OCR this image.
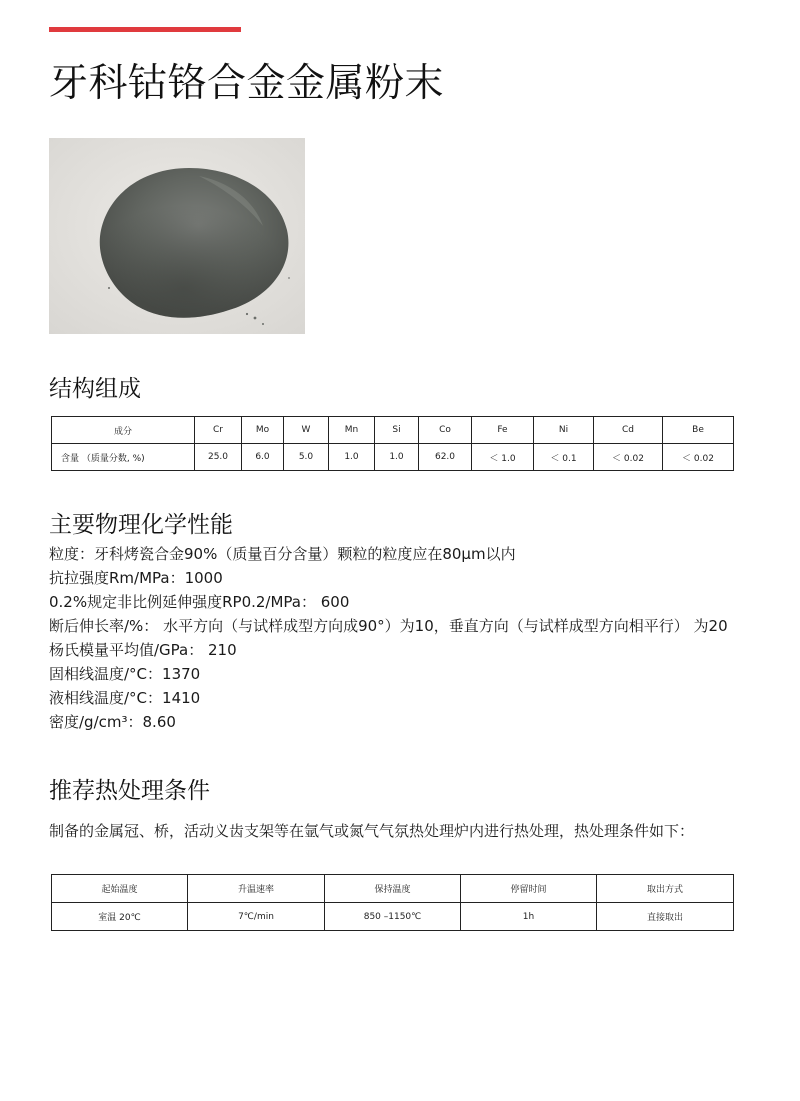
牙科钴铬合金金属粉末
结构组成
成分	Cr	Mo	W	Mn	Si	Co	Fe	Ni	Cd	Be
含量 （质量分数, %)	25.0	6.0	5.0	1.0	1.0	62.0	＜ 1.0	＜ 0.1	＜ 0.02	＜ 0.02
主要物理化学性能
粒度：牙科烤瓷合金90%（质量百分含量）颗粒的粒度应在80μm以内
抗拉强度Rm/MPa：1000
0.2%规定非比例延伸强度RP0.2/MPa： 600
断后伸长率/%： 水平方向（与试样成型方向成90°）为10，垂直方向（与试样成型方向相平行） 为20
杨氏模量平均值/GPa： 210
固相线温度/°C：1370
液相线温度/°C：1410
密度/g/cm³：8.60
推荐热处理条件

制备的金属冠、桥，活动义齿支架等在氩气或氮气气氛热处理炉内进行热处理，热处理条件如下：

起始温度	升温速率	保持温度	停留时间	取出方式
室温 20℃	7℃/min	850 –1150℃	1h	直接取出
